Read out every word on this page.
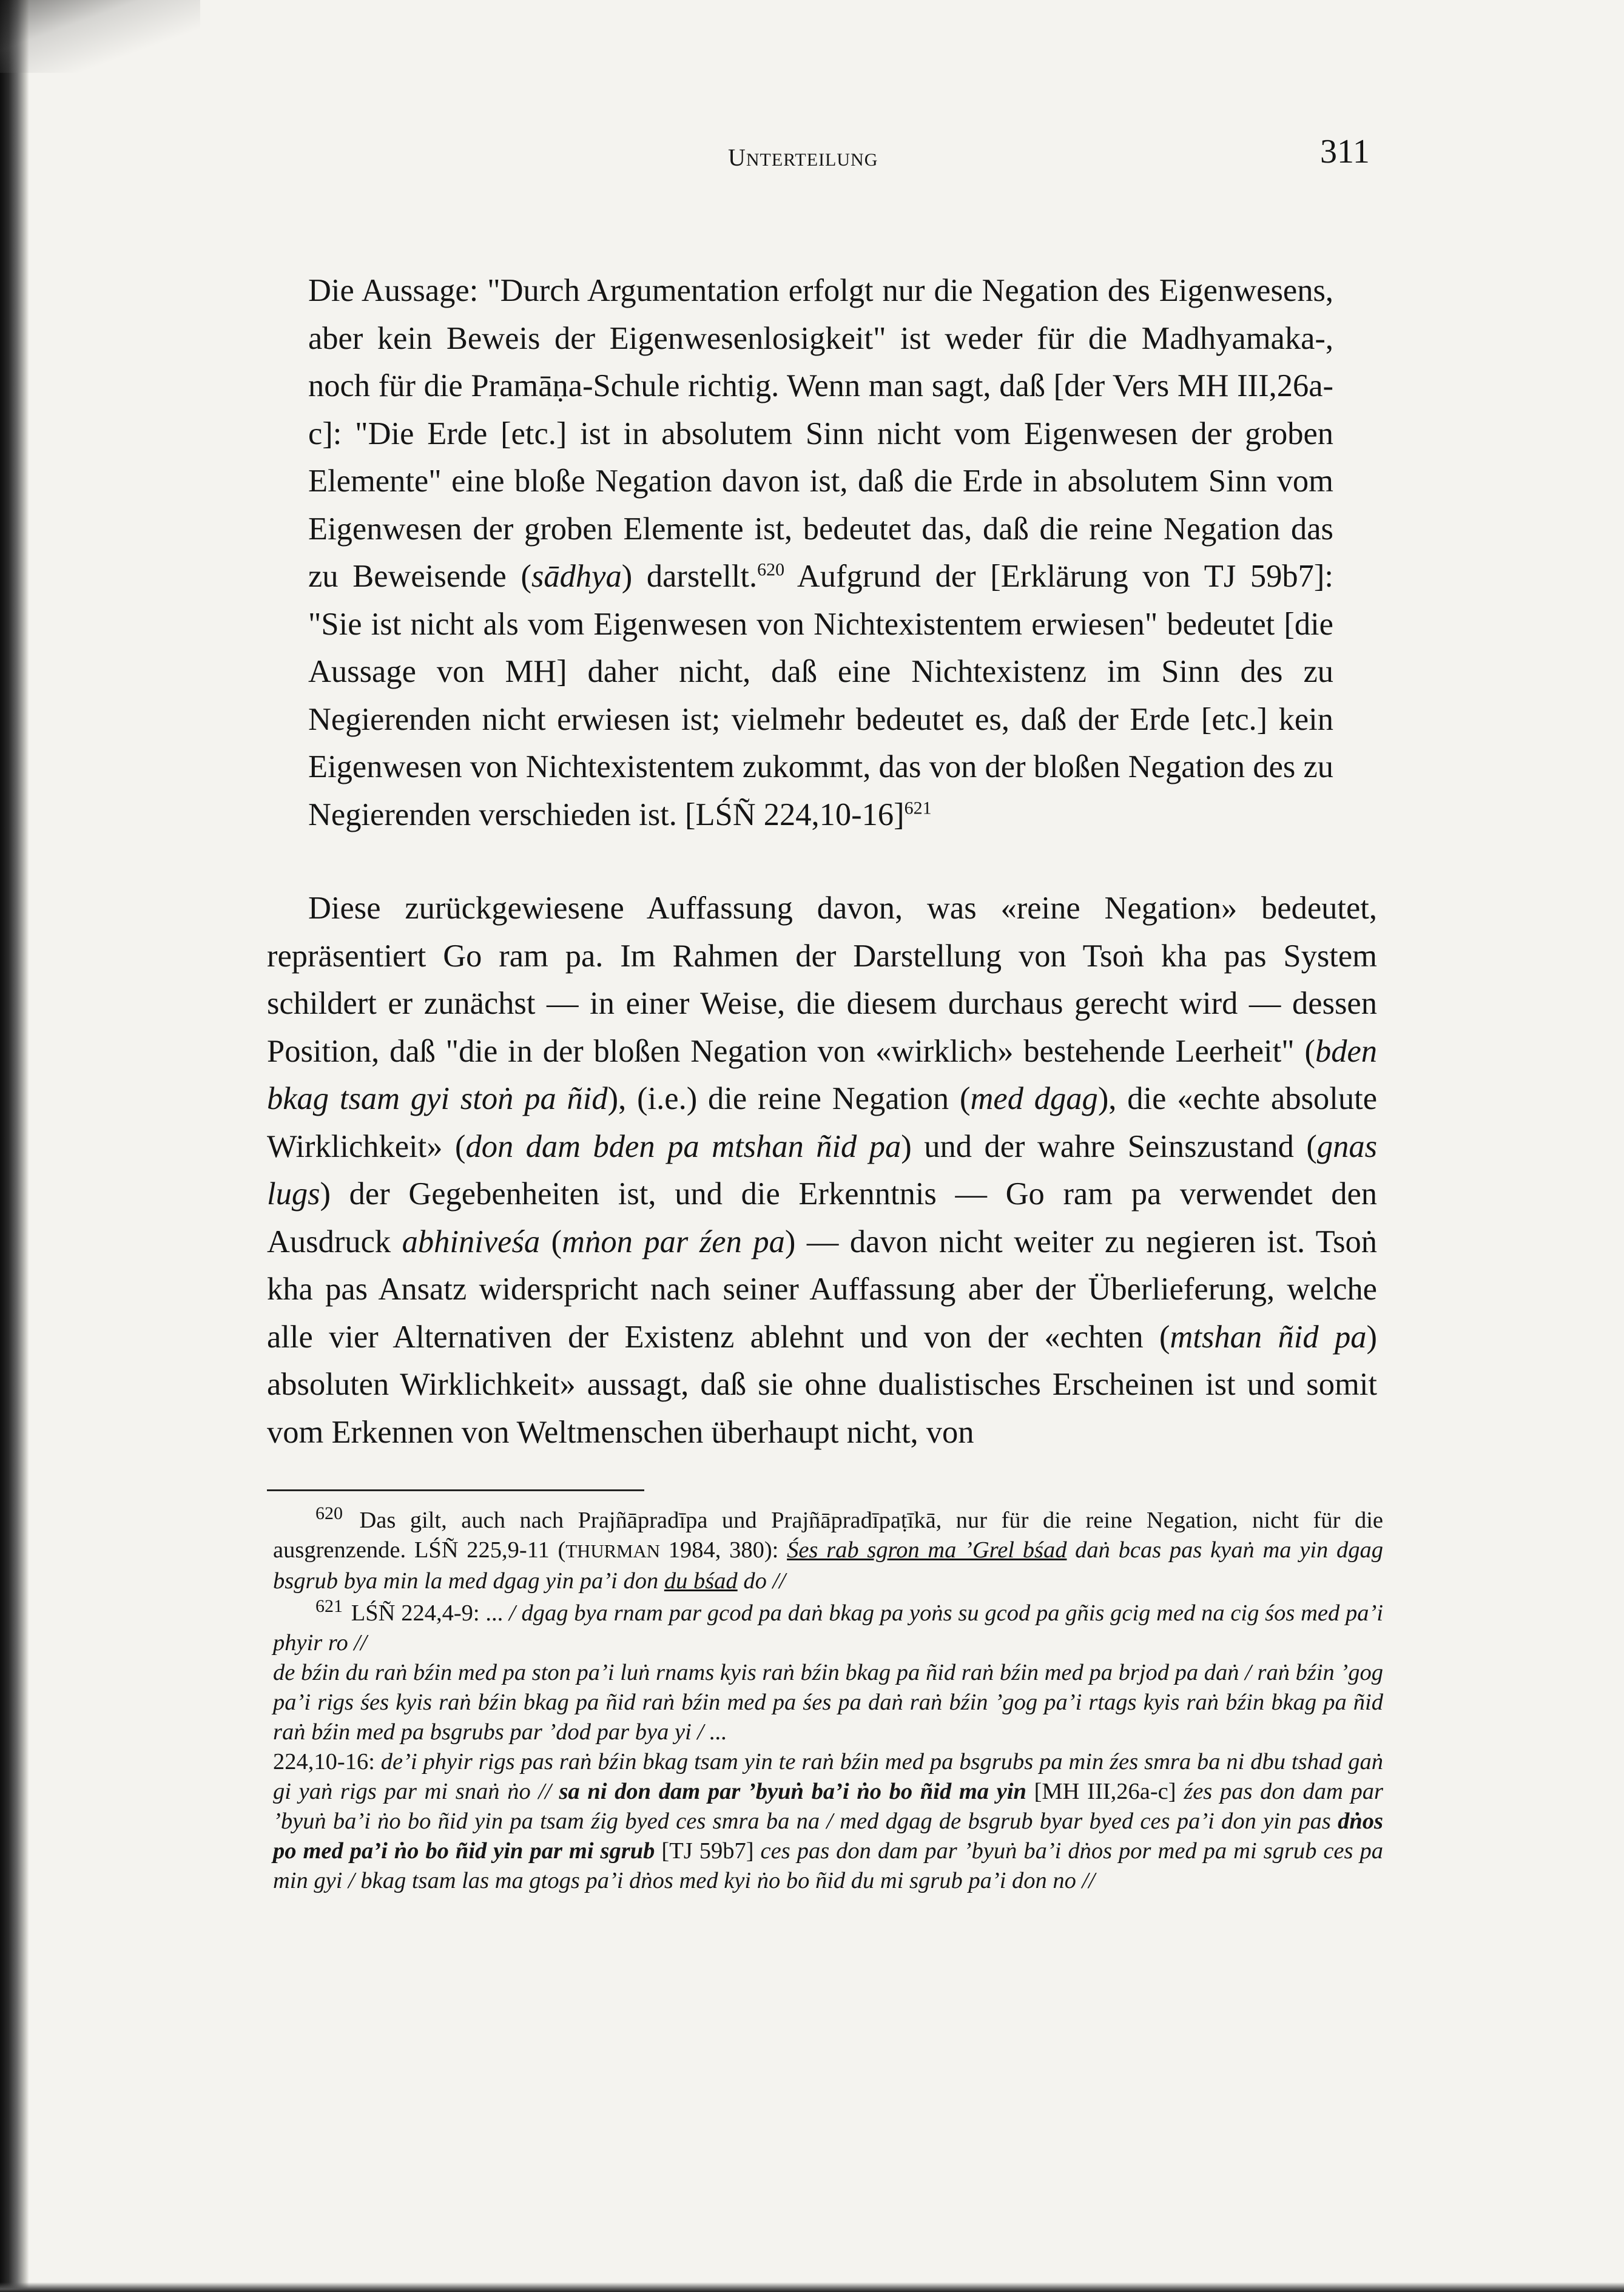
UNTERTEILUNG	311
Die Aussage: "Durch Argumentation erfolgt nur die Negation des Eigenwesens, aber kein Beweis der Eigenwesenlosigkeit" ist weder für die Madhyamaka-, noch für die Pramāṇa-Schule richtig. Wenn man sagt, daß [der Vers MH III,26a-c]: "Die Erde [etc.] ist in absolutem Sinn nicht vom Eigenwesen der groben Elemente" eine bloße Negation davon ist, daß die Erde in absolutem Sinn vom Eigenwesen der groben Elemente ist, bedeutet das, daß die reine Negation das zu Beweisende (sādhya) darstellt.$^{620}$ Aufgrund der [Erklärung von TJ 59b7]: "Sie ist nicht als vom Eigenwesen von Nichtexistentem erwiesen" bedeutet [die Aussage von MH] daher nicht, daß eine Nichtexistenz im Sinn des zu Negierenden nicht erwiesen ist; vielmehr bedeutet es, daß der Erde [etc.] kein Eigenwesen von Nichtexistentem zukommt, das von der bloßen Negation des zu Negierenden verschieden ist. [LŚÑ 224,10-16]$^{621}$
Diese zurückgewiesene Auffassung davon, was «reine Negation» bedeutet, repräsentiert Go ram pa. Im Rahmen der Darstellung von Tsoṅ kha pas System schildert er zunächst — in einer Weise, die diesem durchaus gerecht wird — dessen Position, daß "die in der bloßen Negation von «wirklich» bestehende Leerheit" (bden bkag tsam gyi stoṅ pa ñid), (i.e.) die reine Negation (med dgag), die «echte absolute Wirklichkeit» (don dam bden pa mtshan ñid pa) und der wahre Seinszustand (gnas lugs) der Gegebenheiten ist, und die Erkenntnis — Go ram pa verwendet den Ausdruck abhiniveśa (mṅon par źen pa) — davon nicht weiter zu negieren ist. Tsoṅ kha pas Ansatz widerspricht nach seiner Auffassung aber der Überlieferung, welche alle vier Alternativen der Existenz ablehnt und von der «echten (mtshan ñid pa) absoluten Wirklichkeit» aussagt, daß sie ohne dualistisches Erscheinen ist und somit vom Erkennen von Weltmenschen überhaupt nicht, von
$^{620}$ Das gilt, auch nach Prajñāpradīpa und Prajñāpradīpaṭīkā, nur für die reine Negation, nicht für die ausgrenzende. LŚÑ 225,9-11 (THURMAN 1984, 380): Śes rab sgron ma ’Grel bśad daṅ bcas pas kyaṅ ma yin dgag bsgrub bya min la med dgag yin pa’i don du bśad do //
$^{621}$ LŚÑ 224,4-9: ... / dgag bya rnam par gcod pa daṅ bkag pa yoṅs su gcod pa gñis gcig med na cig śos med pa’i phyir ro //

de bźin du raṅ bźin med pa ston pa’i luṅ rnams kyis raṅ bźin bkag pa ñid raṅ bźin med pa brjod pa daṅ / raṅ bźin ’gog pa’i rigs śes kyis raṅ bźin bkag pa ñid raṅ bźin med pa śes pa daṅ raṅ bźin ’gog pa’i rtags kyis raṅ bźin bkag pa ñid raṅ bźin med pa bsgrubs par ’dod par bya yi / ...

224,10-16: de’i phyir rigs pas raṅ bźin bkag tsam yin te raṅ bźin med pa bsgrubs pa min źes smra ba ni dbu tshad gaṅ gi yaṅ rigs par mi snaṅ ṅo // sa ni don dam par ’byuṅ ba’i ṅo bo ñid ma yin [MH III,26a-c] źes pas don dam par ’byuṅ ba’i ṅo bo ñid yin pa tsam źig byed ces smra ba na / med dgag de bsgrub byar byed ces pa’i don yin pas dṅos po med pa’i ṅo bo ñid yin par mi sgrub [TJ 59b7] ces pas don dam par ’byuṅ ba’i dṅos por med pa mi sgrub ces pa min gyi / bkag tsam las ma gtogs pa’i dṅos med kyi ṅo bo ñid du mi sgrub pa’i don no //
